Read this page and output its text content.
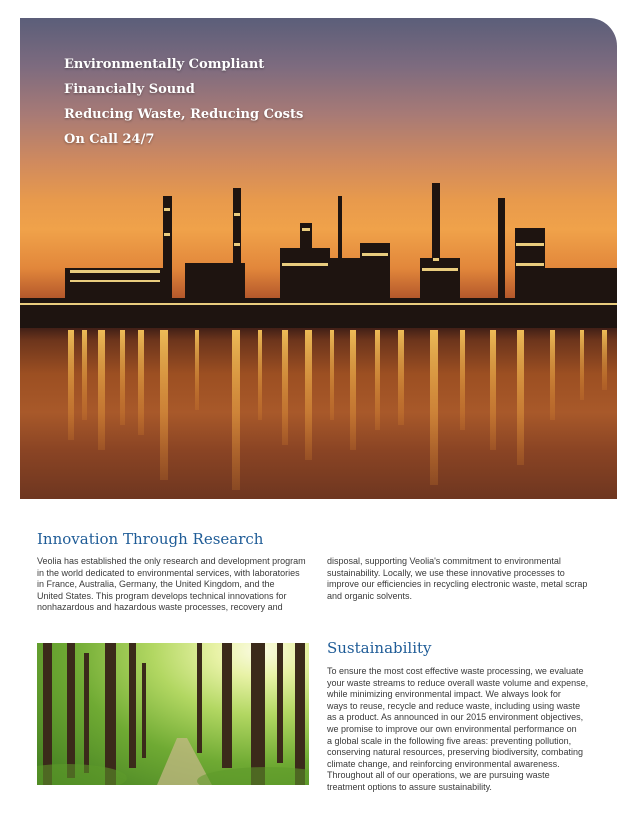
Environmentally Compliant
Financially Sound
Reducing Waste, Reducing Costs
On Call 24/7
Innovation Through Research
Veolia has established the only research and development program
in the world dedicated to environmental services, with laboratories
in France, Australia, Germany, the United Kingdom, and the
United States. This program develops technical innovations for
nonhazardous and hazardous waste processes, recovery and
disposal, supporting Veolia's commitment to environmental
sustainability. Locally, we use these innovative processes to
improve our efficiencies in recycling electronic waste, metal scrap
and organic solvents.
Sustainability
To ensure the most cost effective waste processing, we evaluate
your waste streams to reduce overall waste volume and expense,
while minimizing environmental impact. We always look for
ways to reuse, recycle and reduce waste, including using waste
as a product. As announced in our 2015 environment objectives,
we promise to improve our own environmental performance on
a global scale in the following five areas: preventing pollution,
conserving natural resources, preserving biodiversity, combating
climate change, and reinforcing environmental awareness.
Throughout all of our operations, we are pursuing waste
treatment options to assure sustainability.
